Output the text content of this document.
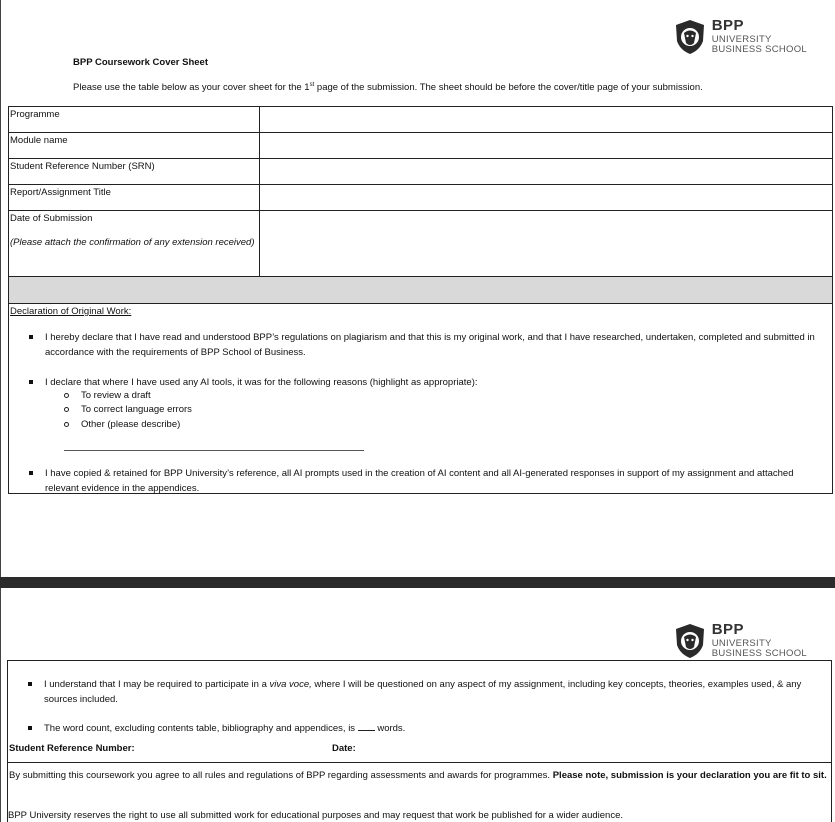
BPP
UNIVERSITY
BUSINESS SCHOOL
BPP Coursework Cover Sheet
Please use the table below as your cover sheet for the 1st page of the submission. The sheet should be before the cover/title page of your submission.
Programme	
Module name	
Student Reference Number (SRN)	
Report/Assignment Title	
Date of Submission
(Please attach the confirmation of any extension received)	

Declaration of Original Work:
I hereby declare that I have read and understood BPP’s regulations on plagiarism and that this is my original work, and that I have researched, undertaken, completed and submitted in accordance with the requirements of BPP School of Business.
I declare that where I have used any AI tools, it was for the following reasons (highlight as appropriate):
To review a draft
To correct language errors
Other (please describe)
I have copied & retained for BPP University’s reference, all AI prompts used in the creation of AI content and all AI-generated responses in support of my assignment and attached relevant evidence in the appendices.
BPP
UNIVERSITY
BUSINESS SCHOOL
I understand that I may be required to participate in a viva voce, where I will be questioned on any aspect of my assignment, including key concepts, theories, examples used, & any sources included.
The word count, excluding contents table, bibliography and appendices, is  words.
Student Reference Number:	Date:
By submitting this coursework you agree to all rules and regulations of BPP regarding assessments and awards for programmes. Please note, submission is your declaration you are fit to sit.
BPP University reserves the right to use all submitted work for educational purposes and may request that work be published for a wider audience.
